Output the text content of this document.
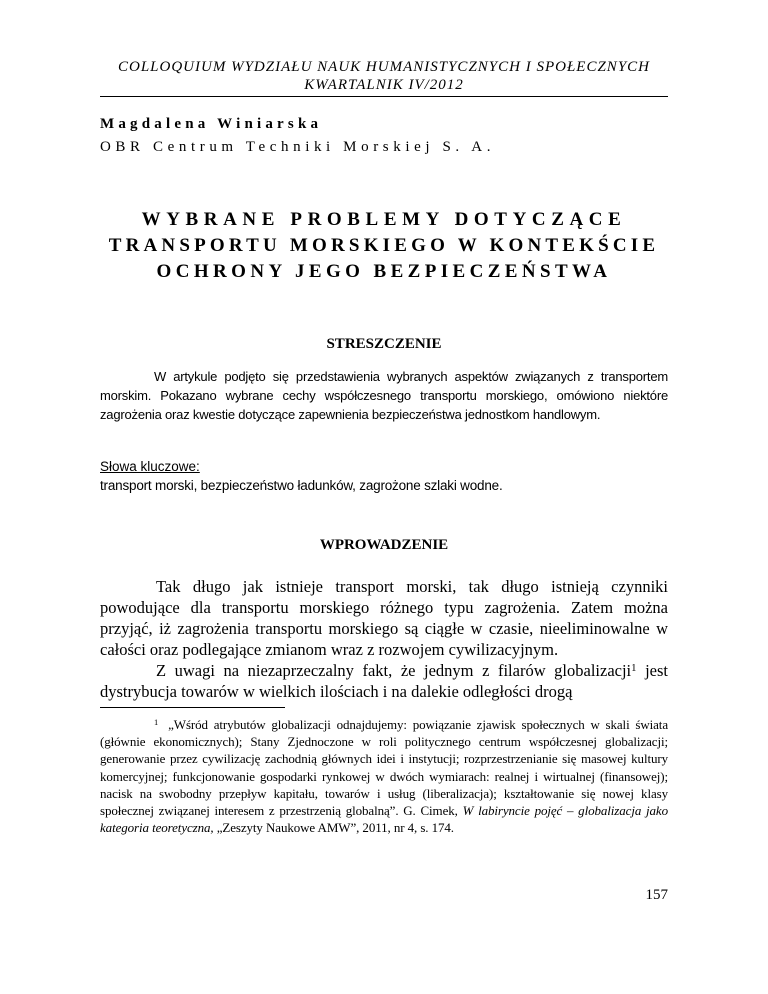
COLLOQUIUM WYDZIAŁU NAUK HUMANISTYCZNYCH I SPOŁECZNYCH
KWARTALNIK IV/2012
Magdalena Winiarska
OBR Centrum Techniki Morskiej S. A.
WYBRANE PROBLEMY DOTYCZĄCE
TRANSPORTU MORSKIEGO W KONTEKŚCIE
OCHRONY JEGO BEZPIECZEŃSTWA
STRESZCZENIE

W artykule podjęto się przedstawienia wybranych aspektów związanych z transportem morskim. Pokazano wybrane cechy współczesnego transportu morskiego, omówiono niektóre zagrożenia oraz kwestie dotyczące zapewnienia bezpieczeństwa jednostkom handlowym.

Słowa kluczowe:
transport morski, bezpieczeństwo ładunków, zagrożone szlaki wodne.
WPROWADZENIE

Tak długo jak istnieje transport morski, tak długo istnieją czynniki powodujące dla transportu morskiego różnego typu zagrożenia. Zatem można przyjąć, iż zagrożenia transportu morskiego są ciągłe w czasie, nieeliminowalne w całości oraz podlegające zmianom wraz z rozwojem cywilizacyjnym.

Z uwagi na niezaprzeczalny fakt, że jednym z filarów globalizacji$^1$ jest dystrybucja towarów w wielkich ilościach i na dalekie odległości drogą

$^1$ „Wśród atrybutów globalizacji odnajdujemy: powiązanie zjawisk społecznych w skali świata (głównie ekonomicznych); Stany Zjednoczone w roli politycznego centrum współczesnej globalizacji; generowanie przez cywilizację zachodnią głównych idei i instytucji; rozprzestrzenianie się masowej kultury komercyjnej; funkcjonowanie gospodarki rynkowej w dwóch wymiarach: realnej i wirtualnej (finansowej); nacisk na swobodny przepływ kapitału, towarów i usług (liberalizacja); kształtowanie się nowej klasy społecznej związanej interesem z przestrzenią globalną”. G. Cimek, W labiryncie pojęć – globalizacja jako kategoria teoretyczna, „Zeszyty Naukowe AMW”, 2011, nr 4, s. 174.

157
